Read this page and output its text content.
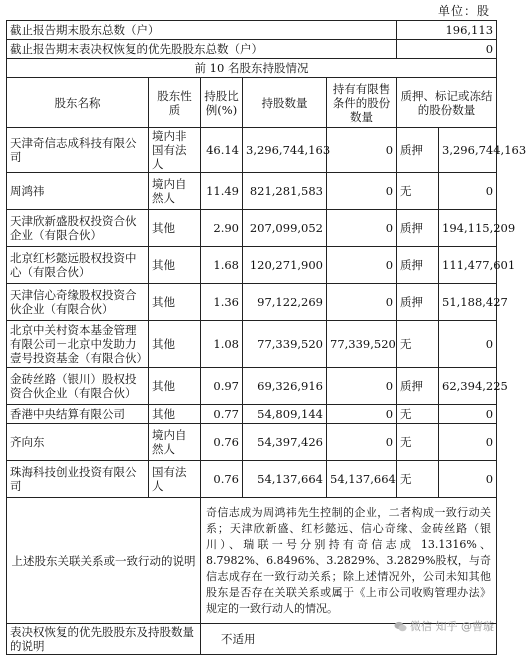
单位：股
截止报告期末股东总数（户）					196,113	
截止报告期末表决权恢复的优先股股东总数（户）					0	
前 10 名股东持股情况						
股东名称	股东性质	持股比例(%)	持股数量	持有有限售条件的股份数量	质押、标记或冻结的股份数量	
天津奇信志成科技有限公司	境内非国有法人	46.14	3,296,744,163	0	质押	3,296,744,163
周鸿祎	境内自然人	11.49	821,281,583	0	无	0
天津欣新盛股权投资合伙企业（有限合伙）	其他	2.90	207,099,052	0	质押	194,115,209
北京红杉懿远股权投资中心（有限合伙）	其他	1.68	120,271,900	0	质押	111,477,601
天津信心奇缘股权投资合伙企业（有限合伙）	其他	1.36	97,122,269	0	质押	51,188,427
北京中关村资本基金管理有限公司－北京中发助力壹号投资基金（有限合伙）	其他	1.08	77,339,520	77,339,520	无	0
金砖丝路（银川）股权投资合伙企业（有限合伙）	其他	0.97	69,326,916	0	质押	62,394,225
香港中央结算有限公司	其他	0.77	54,809,144	0	无	0
齐向东	境内自然人	0.76	54,397,426	0	无	0
珠海科技创业投资有限公司	国有法人	0.76	54,137,664	54,137,664	无	0
上述股东关联关系或一致行动的说明		奇信志成为周鸿祎先生控制的企业，二者构成一致行动关系；天津欣新盛、红杉懿远、信心奇缘、金砖丝路（银川）、瑞联一号分别持有奇信志成 13.1316%、8.7982%、6.8496%、3.2829%、3.2829%股权，与奇信志成存在一致行动关系；除上述情况外，公司未知其他股东是否存在关联关系或属于《上市公司收购管理办法》规定的一致行动人的情况。				
表决权恢复的优先股股东及持股数量的说明		不适用				
微信 知乎 @曹璇
